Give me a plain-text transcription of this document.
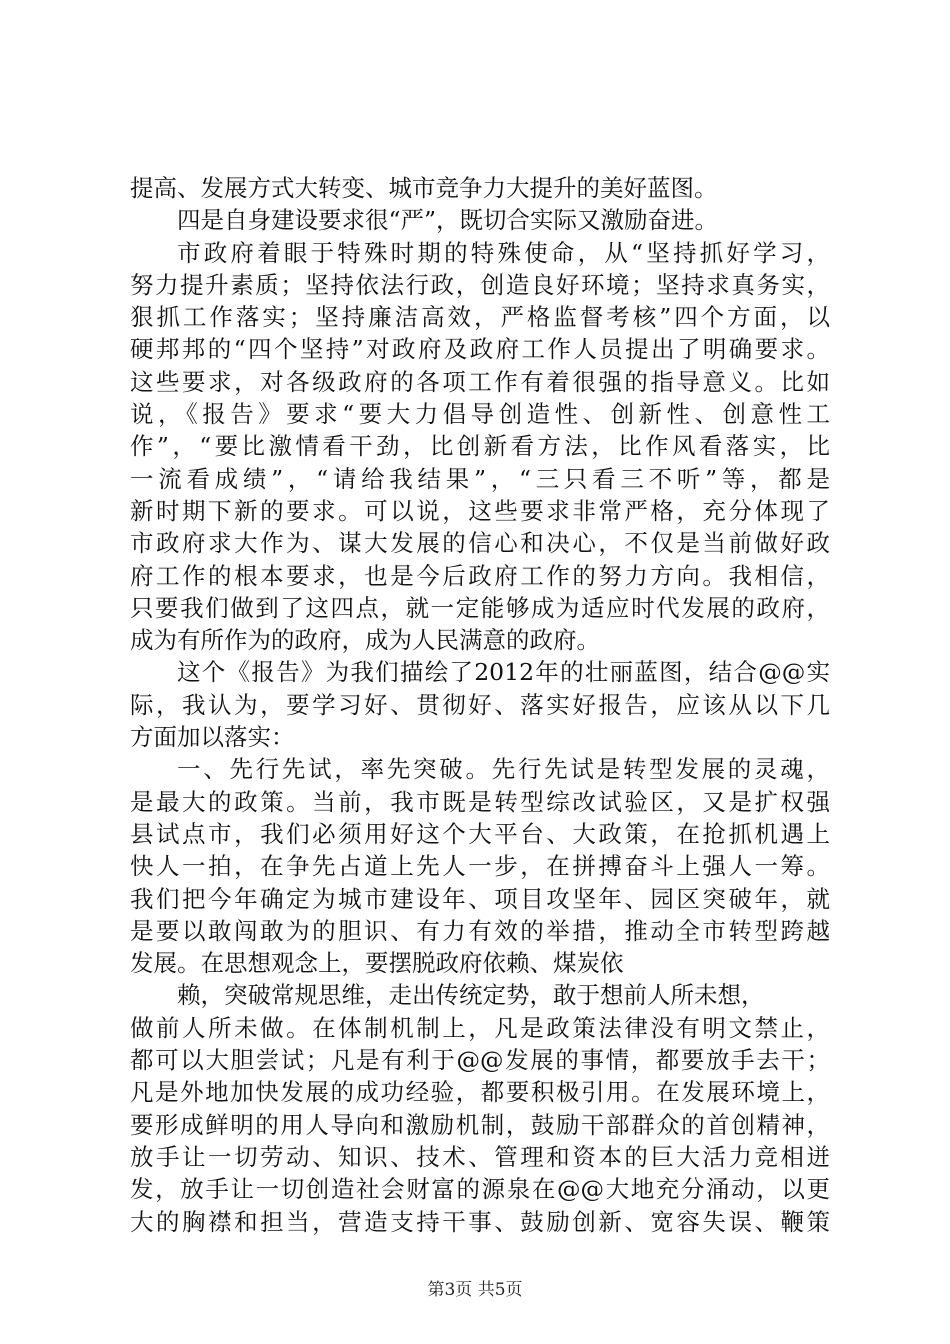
提高、发展方式大转变、城市竞争力大提升的美好蓝图。
四是自身建设要求很“严”，既切合实际又激励奋进。
市政府着眼于特殊时期的特殊使命，从“坚持抓好学习，
努力提升素质；坚持依法行政，创造良好环境；坚持求真务实，
狠抓工作落实；坚持廉洁高效，严格监督考核”四个方面，以
硬邦邦的“四个坚持”对政府及政府工作人员提出了明确要求。
这些要求，对各级政府的各项工作有着很强的指导意义。比如
说，《报告》要求“要大力倡导创造性、创新性、创意性工
作”，“要比激情看干劲，比创新看方法，比作风看落实，比
一流看成绩”，“请给我结果”，“三只看三不听”等，都是
新时期下新的要求。可以说，这些要求非常严格，充分体现了
市政府求大作为、谋大发展的信心和决心，不仅是当前做好政
府工作的根本要求，也是今后政府工作的努力方向。我相信，
只要我们做到了这四点，就一定能够成为适应时代发展的政府，
成为有所作为的政府，成为人民满意的政府。
这个《报告》为我们描绘了2012年的壮丽蓝图，结合@@实
际，我认为，要学习好、贯彻好、落实好报告，应该从以下几
方面加以落实：
一、先行先试，率先突破。先行先试是转型发展的灵魂，
是最大的政策。当前，我市既是转型综改试验区，又是扩权强
县试点市，我们必须用好这个大平台、大政策，在抢抓机遇上
快人一拍，在争先占道上先人一步，在拼搏奋斗上强人一筹。
我们把今年确定为城市建设年、项目攻坚年、园区突破年，就
是要以敢闯敢为的胆识、有力有效的举措，推动全市转型跨越
发展。在思想观念上，要摆脱政府依赖、煤炭依
赖，突破常规思维，走出传统定势，敢于想前人所未想，
做前人所未做。在体制机制上，凡是政策法律没有明文禁止，
都可以大胆尝试；凡是有利于@@发展的事情，都要放手去干；
凡是外地加快发展的成功经验，都要积极引用。在发展环境上，
要形成鲜明的用人导向和激励机制，鼓励干部群众的首创精神，
放手让一切劳动、知识、技术、管理和资本的巨大活力竞相迸
发，放手让一切创造社会财富的源泉在@@大地充分涌动，以更
大的胸襟和担当，营造支持干事、鼓励创新、宽容失误、鞭策
第3页 共5页
